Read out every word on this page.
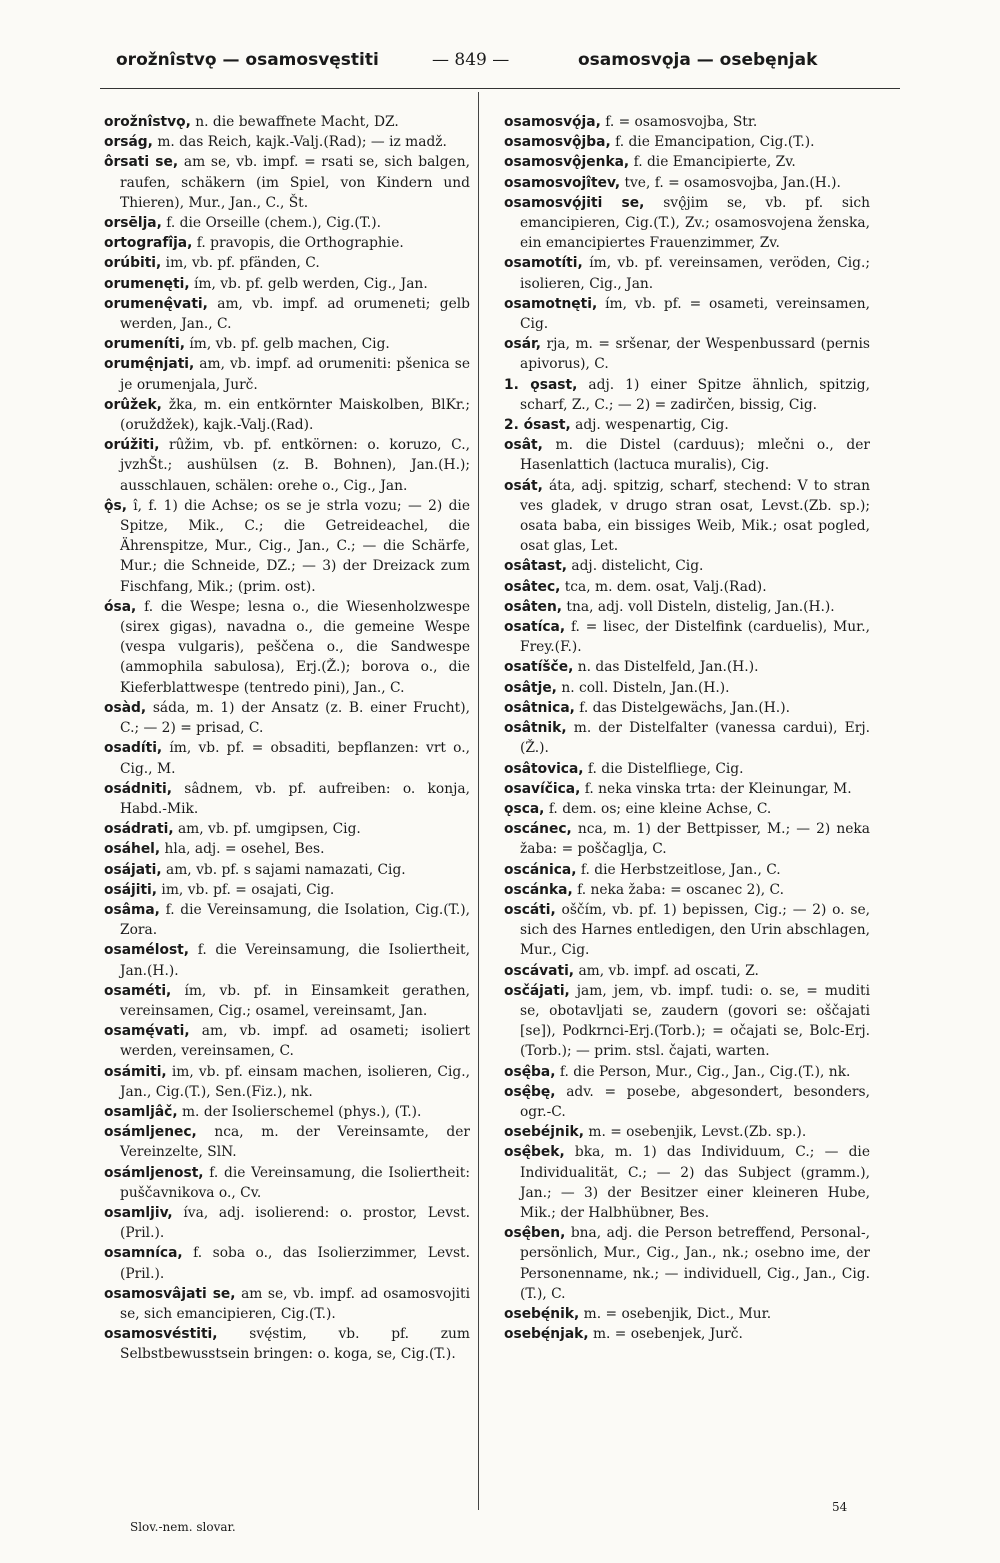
orožnîstvǫ — osamosvęstiti	— 849 —	osamosvǫja — osebęnjak

orožnîstvǫ, n. die bewaffnete Macht, DZ.

orság, m. das Reich, kajk.-Valj.(Rad); — iz madž.

ôrsati se, am se, vb. impf. = rsati se, sich balgen, raufen, schäkern (im Spiel, von Kindern und Thieren), Mur., Jan., C., Št.

orsēlja, f. die Orseille (chem.), Cig.(T.).

ortografîja, f. pravopis, die Orthographie.

orúbiti, im, vb. pf. pfänden, C.

orumenęti, ím, vb. pf. gelb werden, Cig., Jan.

orumenę̂vati, am, vb. impf. ad orumeneti; gelb werden, Jan., C.

orumeníti, ím, vb. pf. gelb machen, Cig.

orumę̂njati, am, vb. impf. ad orumeniti: pšenica se je orumenjala, Jurč.

orûžek, žka, m. ein entkörnter Maiskolben, BlKr.; (oruždžek), kajk.-Valj.(Rad).

orúžiti, rûžim, vb. pf. entkörnen: o. koruzo, C., jvzhŠt.; aushülsen (z. B. Bohnen), Jan.(H.); ausschlauen, schälen: orehe o., Cig., Jan.

ǫ̂s, î, f. 1) die Achse; os se je strla vozu; — 2) die Spitze, Mik., C.; die Getreideachel, die Ährenspitze, Mur., Cig., Jan., C.; — die Schärfe, Mur.; die Schneide, DZ.; — 3) der Dreizack zum Fischfang, Mik.; (prim. ost).

ósa, f. die Wespe; lesna o., die Wiesenholzwespe (sirex gigas), navadna o., die gemeine Wespe (vespa vulgaris), peščena o., die Sandwespe (ammophila sabulosa), Erj.(Ž.); borova o., die Kieferblattwespe (tentredo pini), Jan., C.

osàd, sáda, m. 1) der Ansatz (z. B. einer Frucht), C.; — 2) = prisad, C.

osadíti, ím, vb. pf. = obsaditi, bepflanzen: vrt o., Cig., M.

osádniti, sâdnem, vb. pf. aufreiben: o. konja, Habd.-Mik.

osádrati, am, vb. pf. umgipsen, Cig.

osáhel, hla, adj. = osehel, Bes.

osájati, am, vb. pf. s sajami namazati, Cig.

osájiti, im, vb. pf. = osajati, Cig.

osâma, f. die Vereinsamung, die Isolation, Cig.(T.), Zora.

osamélost, f. die Vereinsamung, die Isoliertheit, Jan.(H.).

osaméti, ím, vb. pf. in Einsamkeit gerathen, vereinsamen, Cig.; osamel, vereinsamt, Jan.

osamę́vati, am, vb. impf. ad osameti; isoliert werden, vereinsamen, C.

osámiti, im, vb. pf. einsam machen, isolieren, Cig., Jan., Cig.(T.), Sen.(Fiz.), nk.

osamljâč, m. der Isolierschemel (phys.), (T.).

osámljenec, nca, m. der Vereinsamte, der Vereinzelte, SlN.

osámljenost, f. die Vereinsamung, die Isoliertheit: puščavnikova o., Cv.

osamljiv, íva, adj. isolierend: o. prostor, Levst.(Pril.).

osamníca, f. soba o., das Isolierzimmer, Levst.(Pril.).

osamosvâjati se, am se, vb. impf. ad osamosvojiti se, sich emancipieren, Cig.(T.).

osamosvéstiti, svę́stim, vb. pf. zum Selbstbewusstsein bringen: o. koga, se, Cig.(T.).

osamosvǫ́ja, f. = osamosvojba, Str.

osamosvǫ̂jba, f. die Emancipation, Cig.(T.).

osamosvǫ̂jenka, f. die Emancipierte, Zv.

osamosvojîtev, tve, f. = osamosvojba, Jan.(H.).

osamosvǫ́jiti se, svǫ̂jim se, vb. pf. sich emancipieren, Cig.(T.), Zv.; osamosvojena ženska, ein emancipiertes Frauenzimmer, Zv.

osamotíti, ím, vb. pf. vereinsamen, veröden, Cig.; isolieren, Cig., Jan.

osamotnęti, ím, vb. pf. = osameti, vereinsamen, Cig.

osár, rja, m. = sršenar, der Wespenbussard (pernis apivorus), C.

1. ǫsast, adj. 1) einer Spitze ähnlich, spitzig, scharf, Z., C.; — 2) = zadirčen, bissig, Cig.

2. ósast, adj. wespenartig, Cig.

osât, m. die Distel (carduus); mlečni o., der Hasenlattich (lactuca muralis), Cig.

osát, áta, adj. spitzig, scharf, stechend: V to stran ves gladek, v drugo stran osat, Levst.(Zb. sp.); osata baba, ein bissiges Weib, Mik.; osat pogled, osat glas, Let.

osâtast, adj. distelicht, Cig.

osâtec, tca, m. dem. osat, Valj.(Rad).

osâten, tna, adj. voll Disteln, distelig, Jan.(H.).

osatíca, f. = lisec, der Distelfink (carduelis), Mur., Frey.(F.).

osatíšče, n. das Distelfeld, Jan.(H.).

osâtje, n. coll. Disteln, Jan.(H.).

osâtnica, f. das Distelgewächs, Jan.(H.).

osâtnik, m. der Distelfalter (vanessa cardui), Erj.(Ž.).

osâtovica, f. die Distelfliege, Cig.

osavíčica, f. neka vinska trta: der Kleinungar, M.

ǫsca, f. dem. os; eine kleine Achse, C.

oscánec, nca, m. 1) der Bettpisser, M.; — 2) neka žaba: = poščaglja, C.

oscánica, f. die Herbstzeitlose, Jan., C.

oscánka, f. neka žaba: = oscanec 2), C.

oscáti, oščím, vb. pf. 1) bepissen, Cig.; — 2) o. se, sich des Harnes entledigen, den Urin abschlagen, Mur., Cig.

oscávati, am, vb. impf. ad oscati, Z.

osčájati, jam, jem, vb. impf. tudi: o. se, = muditi se, obotavljati se, zaudern (govori se: oščajati [se]), Podkrnci-Erj.(Torb.); = očajati se, Bolc-Erj.(Torb.); — prim. stsl. čajati, warten.

osę̂ba, f. die Person, Mur., Cig., Jan., Cig.(T.), nk.

osę̂bę, adv. = posebe, abgesondert, besonders, ogr.-C.

osebéjnik, m. = osebenjik, Levst.(Zb. sp.).

osę̂bek, bka, m. 1) das Individuum, C.; — die Individualität, C.; — 2) das Subject (gramm.), Jan.; — 3) der Besitzer einer kleineren Hube, Mik.; der Halbhübner, Bes.

osę̂ben, bna, adj. die Person betreffend, Personal-, persönlich, Mur., Cig., Jan., nk.; osebno ime, der Personenname, nk.; — individuell, Cig., Jan., Cig.(T.), C.

osebę́nik, m. = osebenjik, Dict., Mur.

osebę́njak, m. = osebenjek, Jurč.

Slov.-nem. slovar.
54
